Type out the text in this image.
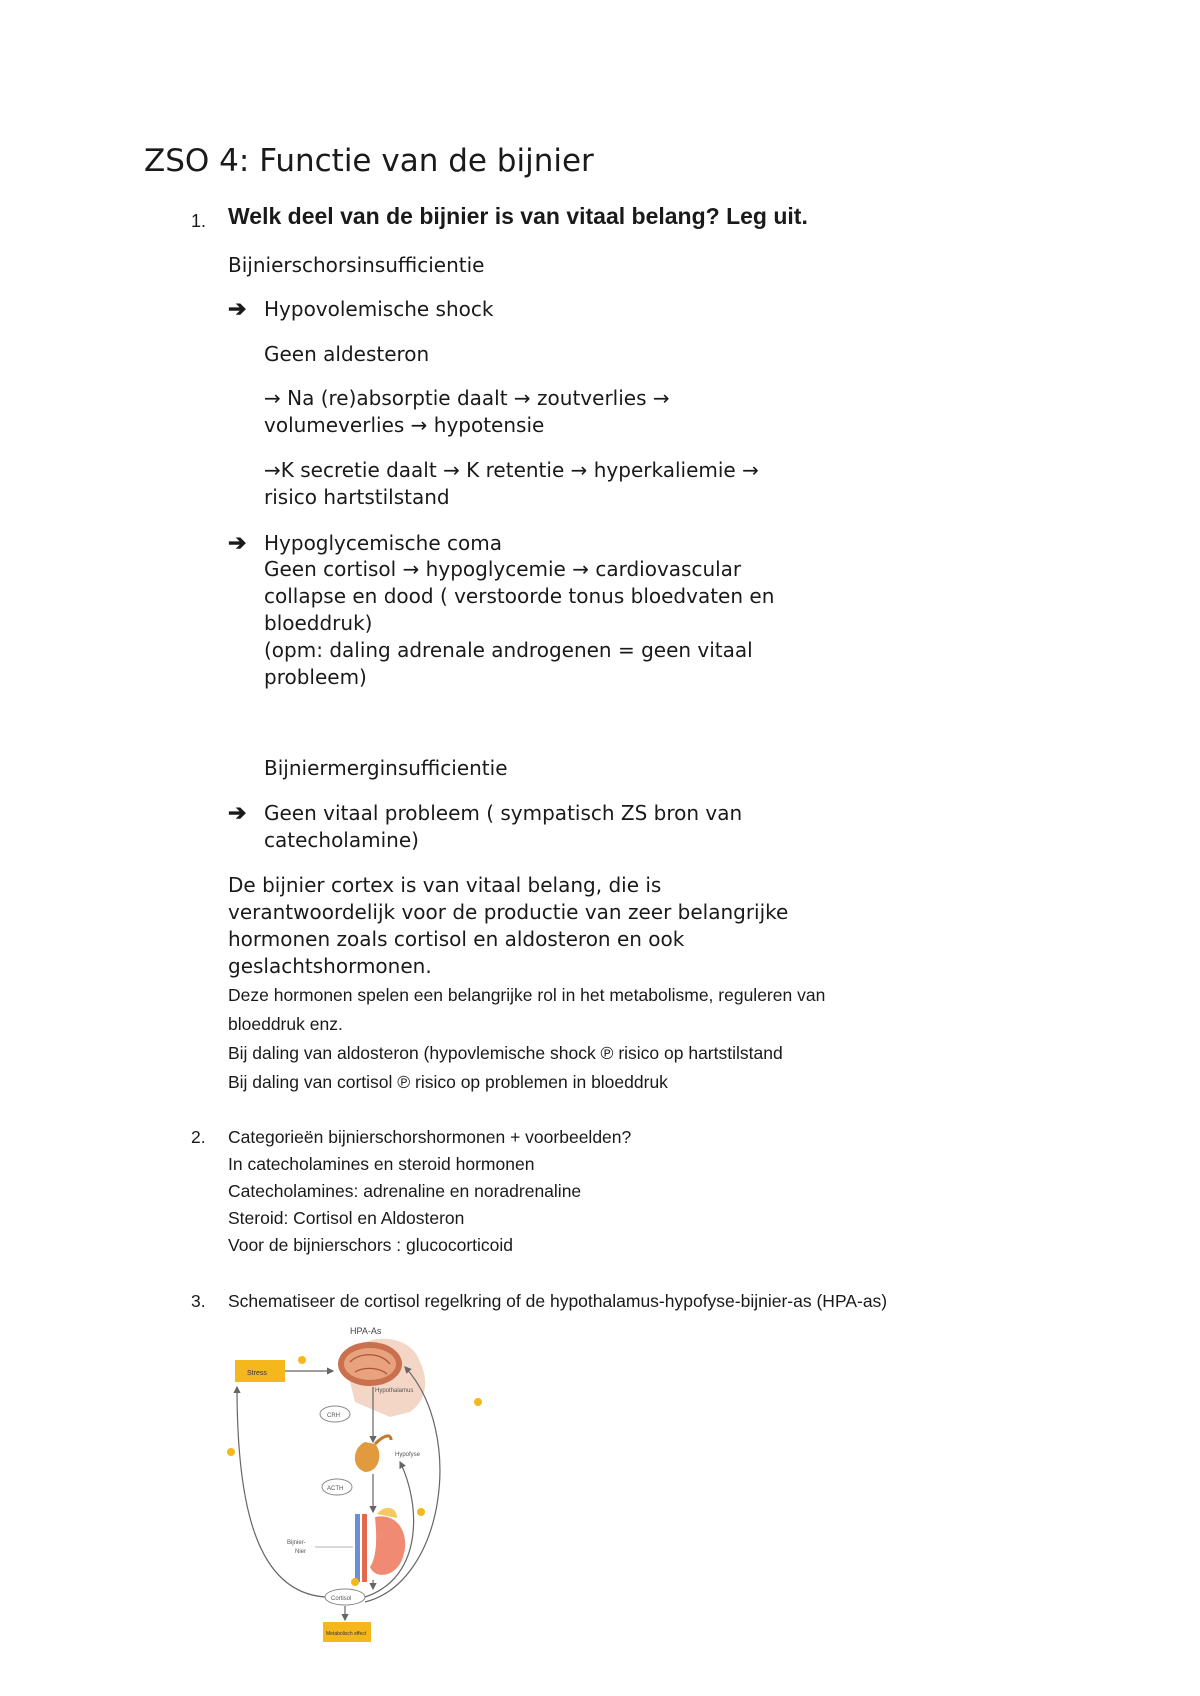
ZSO 4: Functie van de bijnier
1. Welk deel van de bijnier is van vitaal belang? Leg uit.
Bijnierschorsinsufficientie
➔ Hypovolemische shock
Geen aldesteron
→ Na (re)absorptie daalt → zoutverlies →
volumeverlies → hypotensie
→K secretie daalt → K retentie → hyperkaliemie →
risico hartstilstand
➔ Hypoglycemische coma
Geen cortisol → hypoglycemie → cardiovascular
collapse en dood ( verstoorde tonus bloedvaten en
bloeddruk)
(opm: daling adrenale androgenen = geen vitaal
probleem)
Bijniermerginsufficientie
➔ Geen vitaal probleem ( sympatisch ZS bron van
catecholamine)
De bijnier cortex is van vitaal belang, die is
verantwoordelijk voor de productie van zeer belangrijke
hormonen zoals cortisol en aldosteron en ook
geslachtshormonen.
Deze hormonen spelen een belangrijke rol in het metabolisme, reguleren van
bloeddruk enz.
Bij daling van aldosteron (hypovlemische shock ℗ risico op hartstilstand
Bij daling van cortisol ℗ risico op problemen in bloeddruk
2. Categorieën bijnierschorshormonen + voorbeelden?
In catecholamines en steroid hormonen
Catecholamines: adrenaline en noradrenaline
Steroid: Cortisol en Aldosteron
Voor de bijnierschors : glucocorticoid
3. Schematiseer de cortisol regelkring of de hypothalamus-hypofyse-bijnier-as (HPA-as)
HPA-As
Stress
Hypothalamus
CRH
Hypofyse
ACTH
Bijnier-Nier
Cortisol
Metabolisch effect
